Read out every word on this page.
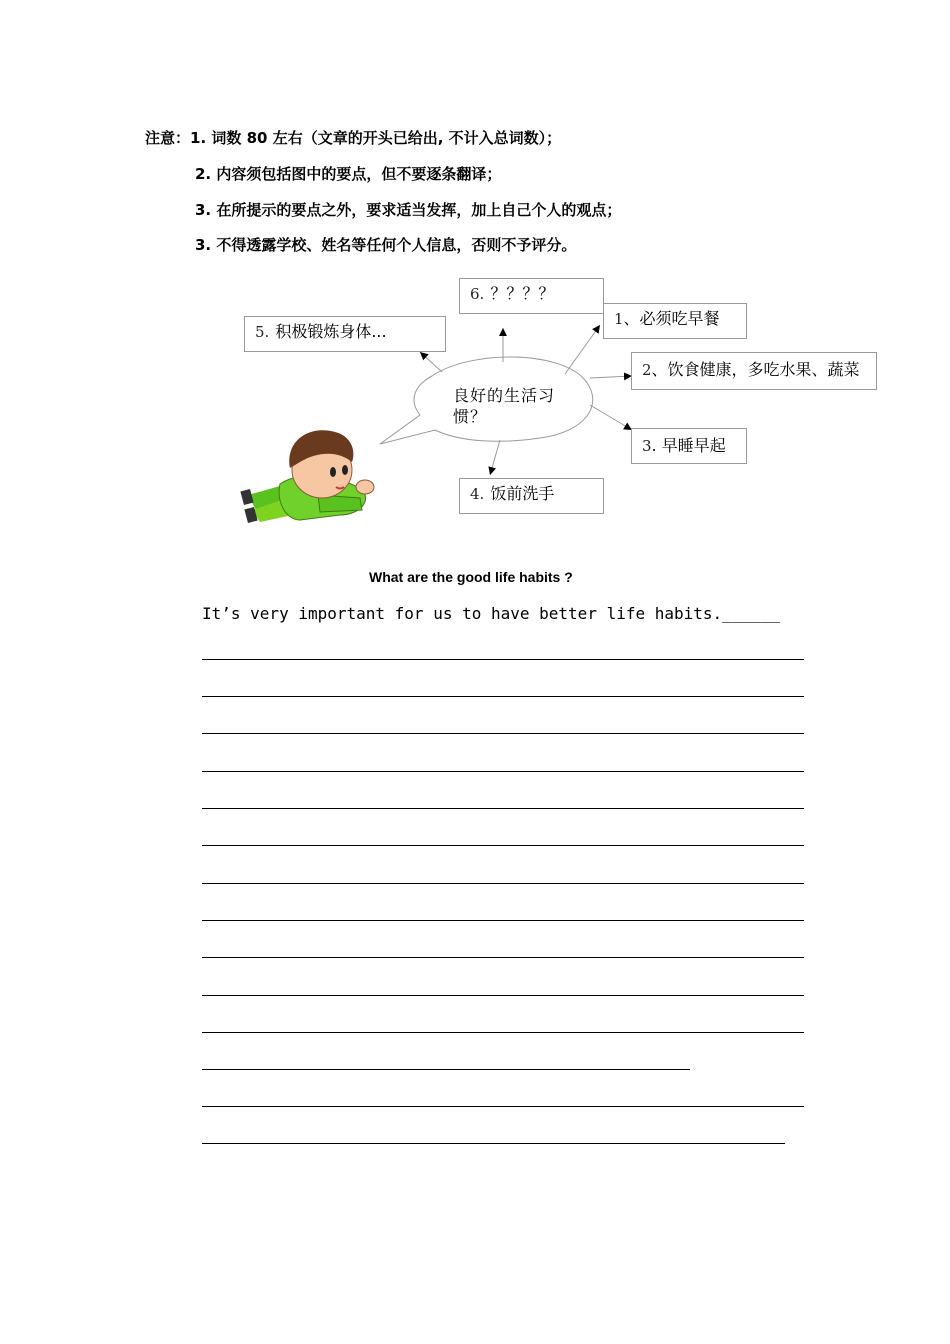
注意：1. 词数 80 左右（文章的开头已给出, 不计入总词数）；
2. 内容须包括图中的要点，但不要逐条翻译；
3. 在所提示的要点之外，要求适当发挥，加上自己个人的观点；
3. 不得透露学校、姓名等任何个人信息，否则不予评分。
良好的生活习惯？
6. ？？？？
5. 积极锻炼身体...
1、必须吃早餐
2、饮食健康，多吃水果、蔬菜
3. 早睡早起
4. 饭前洗手
What are the good life habits ?
It’s very important for us to have better life habits.______
